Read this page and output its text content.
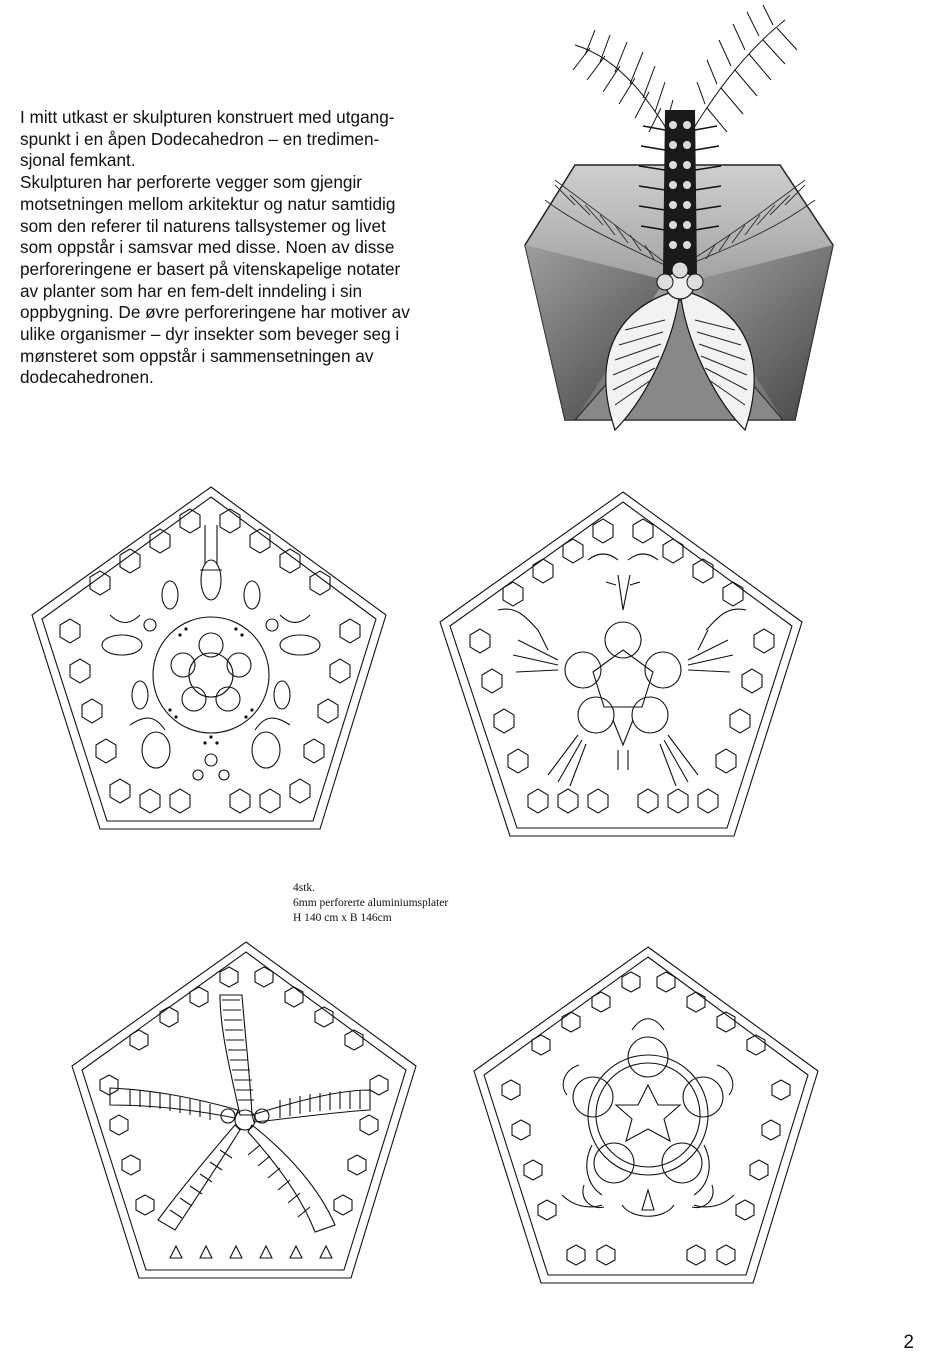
I mitt utkast er skulpturen konstruert med utgang-
spunkt i en åpen Dodecahedron – en tredimen-
sjonal femkant.
Skulpturen har perforerte vegger som gjengir
motsetningen mellom arkitektur og natur samtidig
som den referer til naturens tallsystemer og livet
som oppstår i samsvar med disse. Noen av disse
perforeringene er basert på vitenskapelige notater
av planter som har en fem-delt inndeling i sin
oppbygning. De øvre perforeringene har motiver av
ulike organismer – dyr insekter som beveger seg i
mønsteret som oppstår i sammensetningen av
dodecahedronen.
4stk.
6mm perforerte aluminiumsplater
H 140 cm x B 146cm
2
